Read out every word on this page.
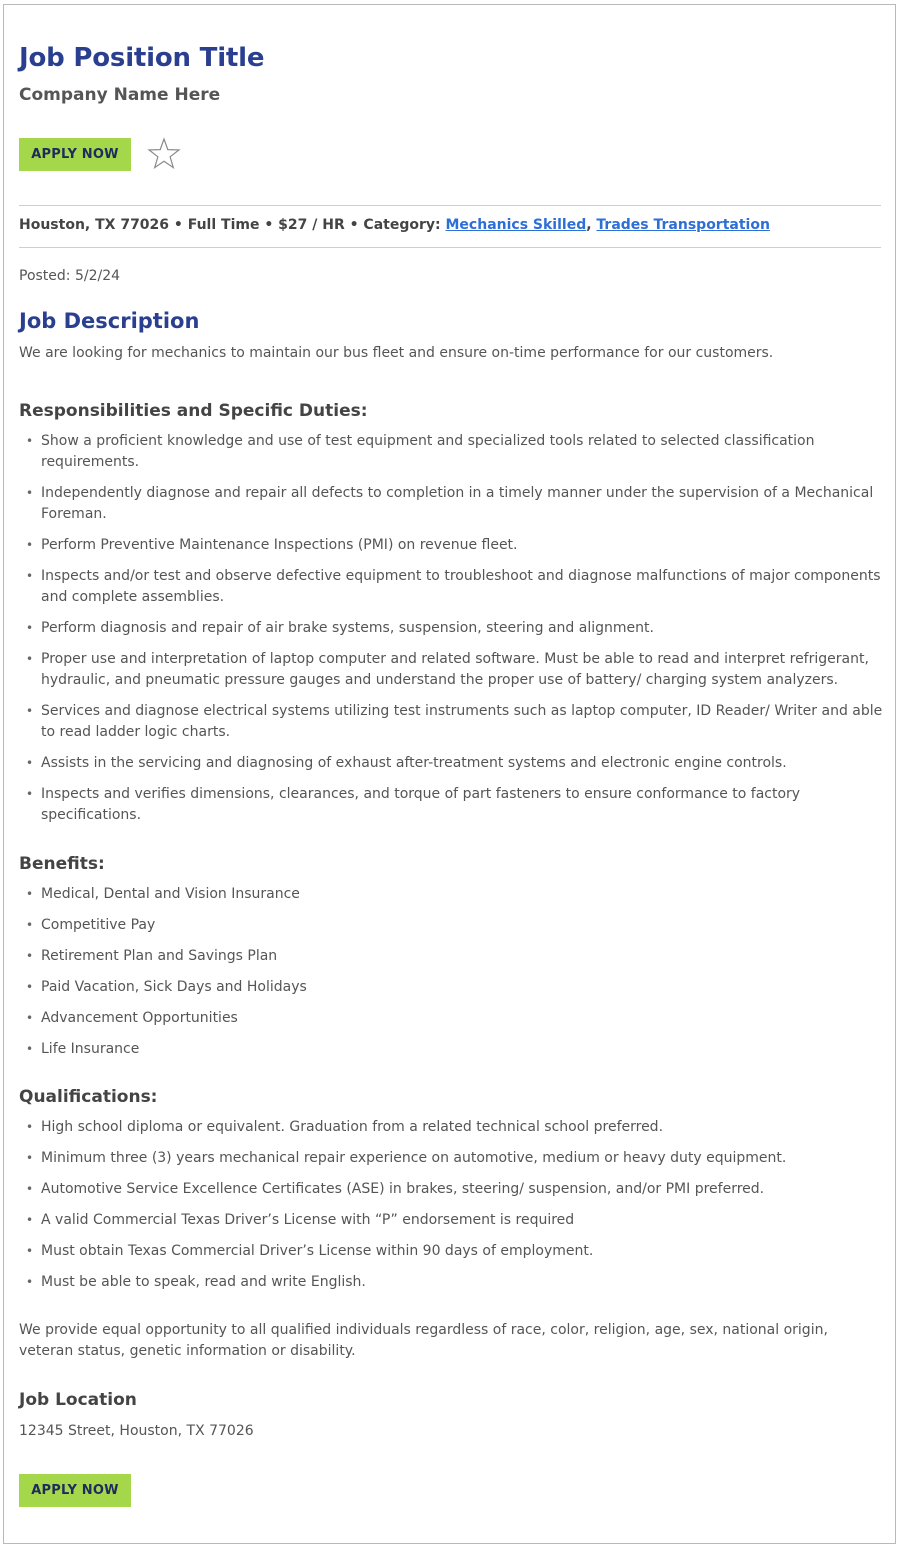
Job Position Title
Company Name Here
APPLY NOW
Houston, TX 77026 • Full Time • $27 / HR • Category: Mechanics Skilled, Trades Transportation
Posted: 5/2/24
Job Description
We are looking for mechanics to maintain our bus fleet and ensure on-time performance for our customers.
Responsibilities and Specific Duties:
• Show a proficient knowledge and use of test equipment and specialized tools related to selected classification requirements.
• Independently diagnose and repair all defects to completion in a timely manner under the supervision of a Mechanical Foreman.
• Perform Preventive Maintenance Inspections (PMI) on revenue fleet.
• Inspects and/or test and observe defective equipment to troubleshoot and diagnose malfunctions of major components and complete assemblies.
• Perform diagnosis and repair of air brake systems, suspension, steering and alignment.
• Proper use and interpretation of laptop computer and related software. Must be able to read and interpret refrigerant, hydraulic, and pneumatic pressure gauges and understand the proper use of battery/ charging system analyzers.
• Services and diagnose electrical systems utilizing test instruments such as laptop computer, ID Reader/ Writer and able to read ladder logic charts.
• Assists in the servicing and diagnosing of exhaust after-treatment systems and electronic engine controls.
• Inspects and verifies dimensions, clearances, and torque of part fasteners to ensure conformance to factory specifications.
Benefits:
• Medical, Dental and Vision Insurance
• Competitive Pay
• Retirement Plan and Savings Plan
• Paid Vacation, Sick Days and Holidays
• Advancement Opportunities
• Life Insurance
Qualifications:
• High school diploma or equivalent. Graduation from a related technical school preferred.
• Minimum three (3) years mechanical repair experience on automotive, medium or heavy duty equipment.
• Automotive Service Excellence Certificates (ASE) in brakes, steering/ suspension, and/or PMI preferred.
• A valid Commercial Texas Driver’s License with “P” endorsement is required
• Must obtain Texas Commercial Driver’s License within 90 days of employment.
• Must be able to speak, read and write English.
We provide equal opportunity to all qualified individuals regardless of race, color, religion, age, sex, national origin, veteran status, genetic information or disability.
Job Location
12345 Street, Houston, TX 77026
APPLY NOW
